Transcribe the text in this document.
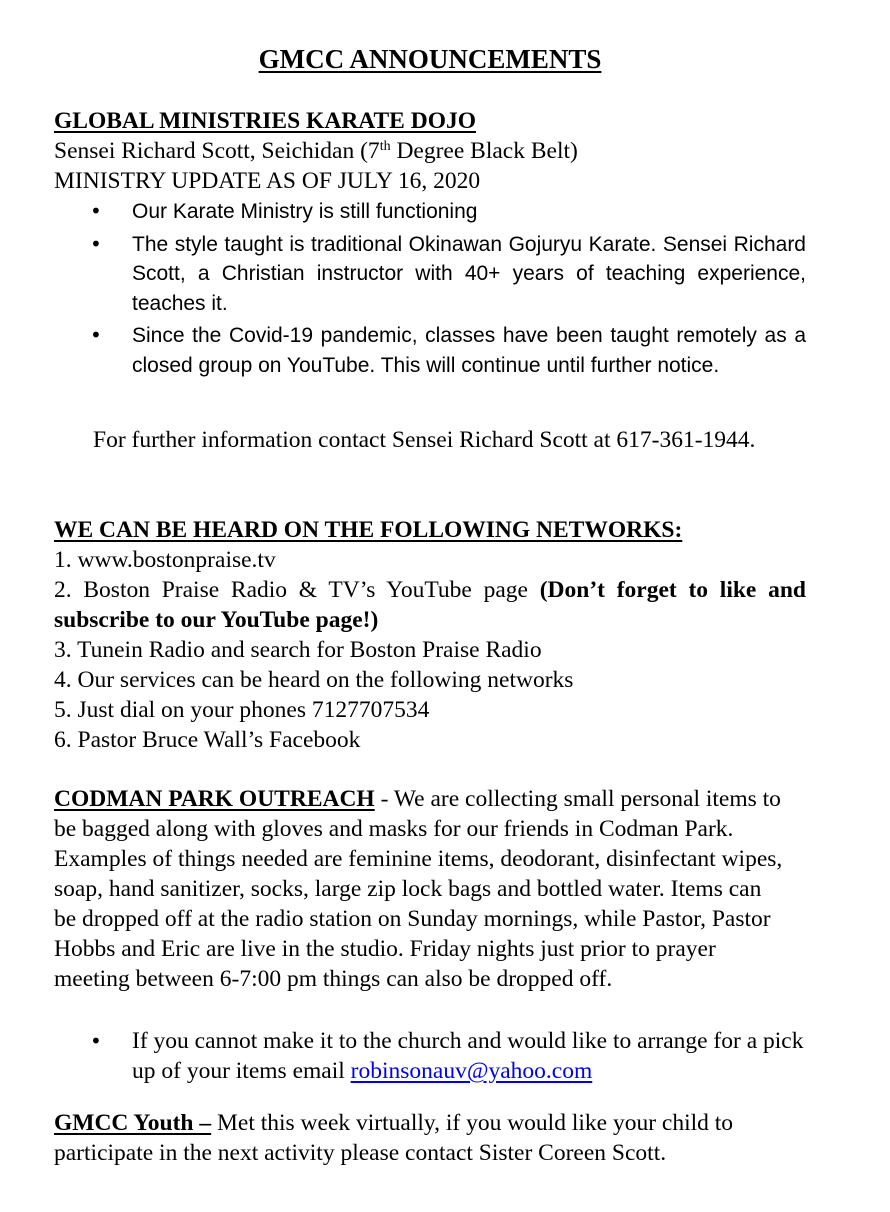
GMCC ANNOUNCEMENTS
GLOBAL MINISTRIES KARATE DOJO
Sensei Richard Scott, Seichidan (7th Degree Black Belt)
MINISTRY UPDATE AS OF JULY 16, 2020
• Our Karate Ministry is still functioning
• The style taught is traditional Okinawan Gojuryu Karate. Sensei Richard Scott, a Christian instructor with 40+ years of teaching experience, teaches it.
• Since the Covid-19 pandemic, classes have been taught remotely as a closed group on YouTube. This will continue until further notice.
For further information contact Sensei Richard Scott at 617-361-1944.
WE CAN BE HEARD ON THE FOLLOWING NETWORKS:
1. www.bostonpraise.tv
2. Boston Praise Radio & TV’s YouTube page (Don’t forget to like and subscribe to our YouTube page!)
3. Tunein Radio and search for Boston Praise Radio
4. Our services can be heard on the following networks
5. Just dial on your phones 7127707534
6. Pastor Bruce Wall’s Facebook
CODMAN PARK OUTREACH - We are collecting small personal items to be bagged along with gloves and masks for our friends in Codman Park. Examples of things needed are feminine items, deodorant, disinfectant wipes, soap, hand sanitizer, socks, large zip lock bags and bottled water. Items can be dropped off at the radio station on Sunday mornings, while Pastor, Pastor Hobbs and Eric are live in the studio. Friday nights just prior to prayer meeting between 6-7:00 pm things can also be dropped off.
• If you cannot make it to the church and would like to arrange for a pick up of your items email robinsonauv@yahoo.com
GMCC Youth – Met this week virtually, if you would like your child to participate in the next activity please contact Sister Coreen Scott.
